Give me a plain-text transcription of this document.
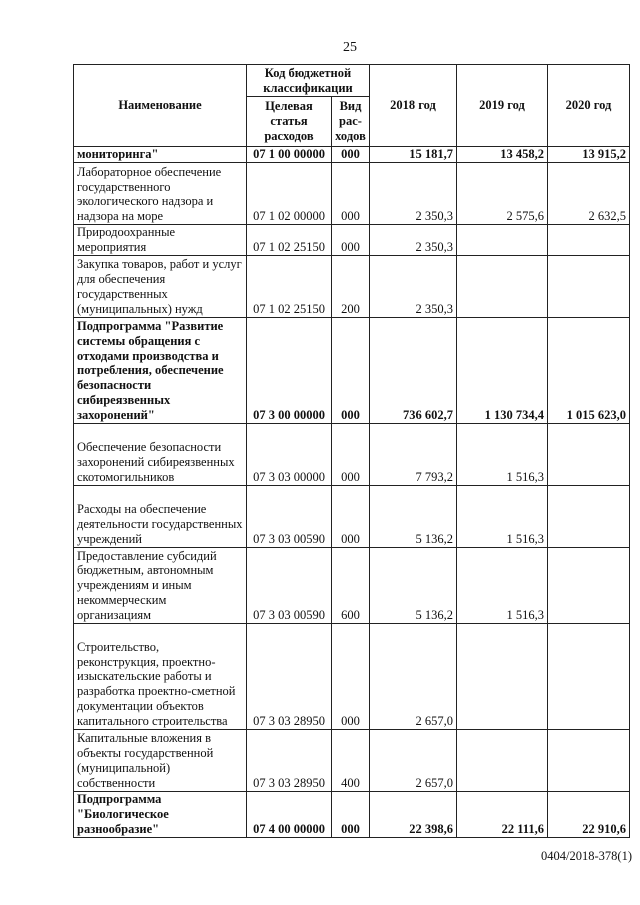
25
Наименование	Код бюджетной классификации		2018 год	2019 год	2020 год
	Целевая статья расходов	Вид рас-ходов			
мониторинга"	07 1 00 00000	000	15 181,7	13 458,2	13 915,2
Лабораторное обеспечение государственного экологического надзора и надзора на море	07 1 02 00000	000	2 350,3	2 575,6	2 632,5
Природоохранные мероприятия	07 1 02 25150	000	2 350,3		
Закупка товаров, работ и услуг для обеспечения государственных (муниципальных) нужд	07 1 02 25150	200	2 350,3		
Подпрограмма "Развитие системы обращения с отходами производства и потребления, обеспечение безопасности сибиреязвенных захоронений"	07 3 00 00000	000	736 602,7	1 130 734,4	1 015 623,0
Обеспечение безопасности захоронений сибиреязвенных скотомогильников	07 3 03 00000	000	7 793,2	1 516,3	
Расходы на обеспечение деятельности государственных учреждений	07 3 03 00590	000	5 136,2	1 516,3	
Предоставление субсидий бюджетным, автономным учреждениям и иным некоммерческим организациям	07 3 03 00590	600	5 136,2	1 516,3	
Строительство, реконструкция, проектно-изыскательские работы и разработка проектно-сметной документации объектов капитального строительства	07 3 03 28950	000	2 657,0		
Капитальные вложения в объекты государственной (муниципальной) собственности	07 3 03 28950	400	2 657,0		
Подпрограмма "Биологическое разнообразие"	07 4 00 00000	000	22 398,6	22 111,6	22 910,6
0404/2018-378(1)
